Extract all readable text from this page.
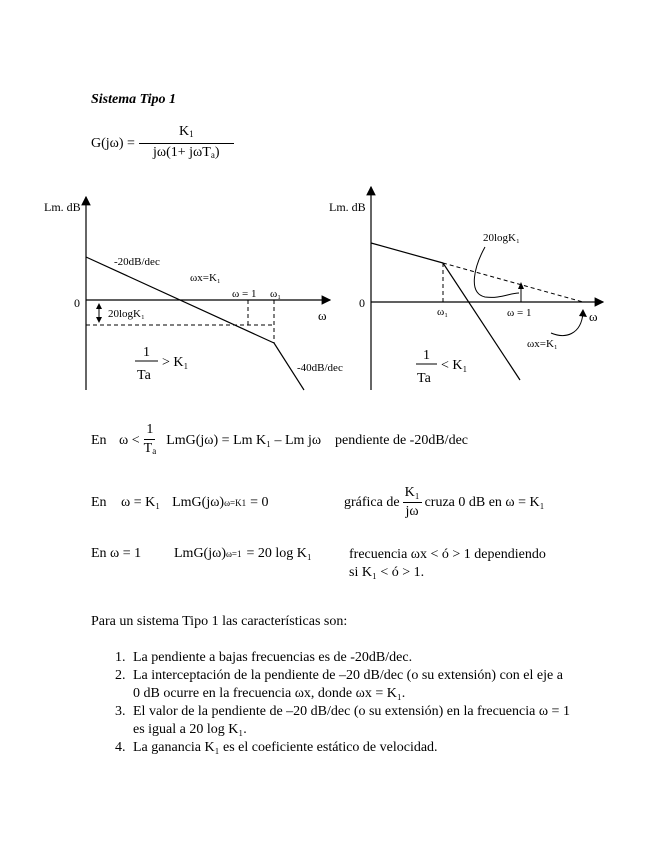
Sistema Tipo 1
$G(j\omega) = \frac{K_1}{j\omega(1+ j\omega T_a)}$
Lm. dB
0
ω
20logK₁
-20dB/dec
ωx=K₁
ω = 1 ω₁
-40dB/dec
1
Ta
> K₁
Lm. dB
0
ω
20logK₁
ω₁	ω = 1
ωx=K₁
1
Ta
< K₁
En $\omega < \frac{1}{T_a} LmG(j\omega) = Lm$ K₁ – Lm jω pendiente de -20dB/dec
En	ω = K₁ LmG(jω) ω=K1 = 0	gráfica de $\frac{\text{K₁}}{j\omega}$ cruza 0 dB en ω = K₁
En ω = 1	LmG(jω) ω=1 = 20 log K₁	frecuencia ωx < ó > 1 dependiendo
si K₁ < ó > 1.
Para un sistema Tipo 1 las características son:
1. La pendiente a bajas frecuencias es de -20dB/dec.
2. La interceptación de la pendiente de –20 dB/dec (o su extensión) con el eje a 0 dB ocurre en la frecuencia ωx, donde ωx = K₁.
3. El valor de la pendiente de –20 dB/dec (o su extensión) en la frecuencia ω = 1 es igual a 20 log K₁.
4. La ganancia K₁ es el coeficiente estático de velocidad.
